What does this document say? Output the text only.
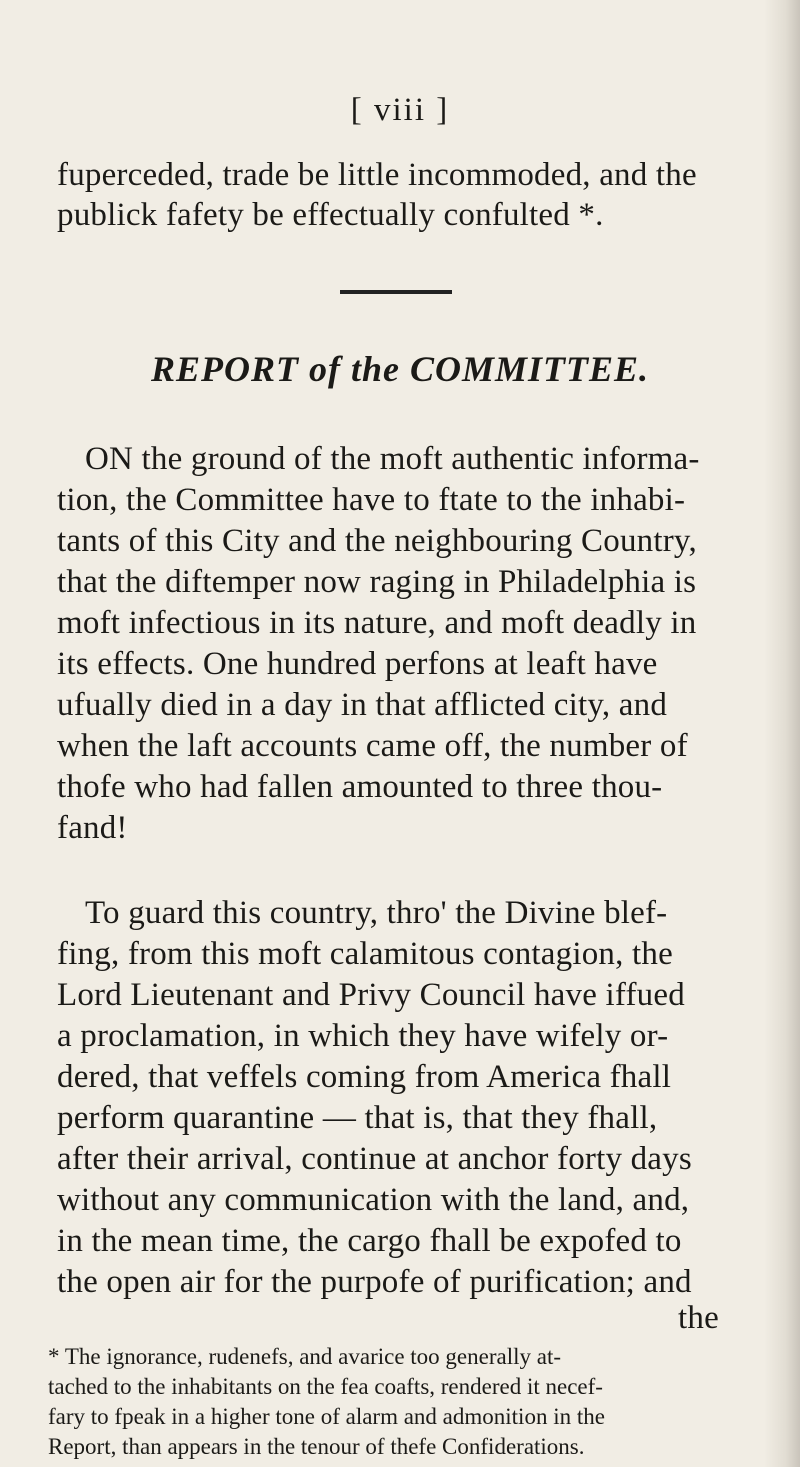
[ viii ]
fuperceded, trade be little incommoded, and the
publick fafety be effectually confulted *.
REPORT of the COMMITTEE.
ON the ground of the moft authentic informa-
tion, the Committee have to ftate to the inhabi-
tants of this City and the neighbouring Country,
that the diftemper now raging in Philadelphia is
moft infectious in its nature, and moft deadly in
its effects. One hundred perfons at leaft have
ufually died in a day in that afflicted city, and
when the laft accounts came off, the number of
thofe who had fallen amounted to three thou-
fand!
To guard this country, thro' the Divine blef-
fing, from this moft calamitous contagion, the
Lord Lieutenant and Privy Council have iffued
a proclamation, in which they have wifely or-
dered, that veffels coming from America fhall
perform quarantine — that is, that they fhall,
after their arrival, continue at anchor forty days
without any communication with the land, and,
in the mean time, the cargo fhall be expofed to
the open air for the purpofe of purification; and
the
* The ignorance, rudenefs, and avarice too generally at-
tached to the inhabitants on the fea coafts, rendered it necef-
fary to fpeak in a higher tone of alarm and admonition in the
Report, than appears in the tenour of thefe Confiderations.
